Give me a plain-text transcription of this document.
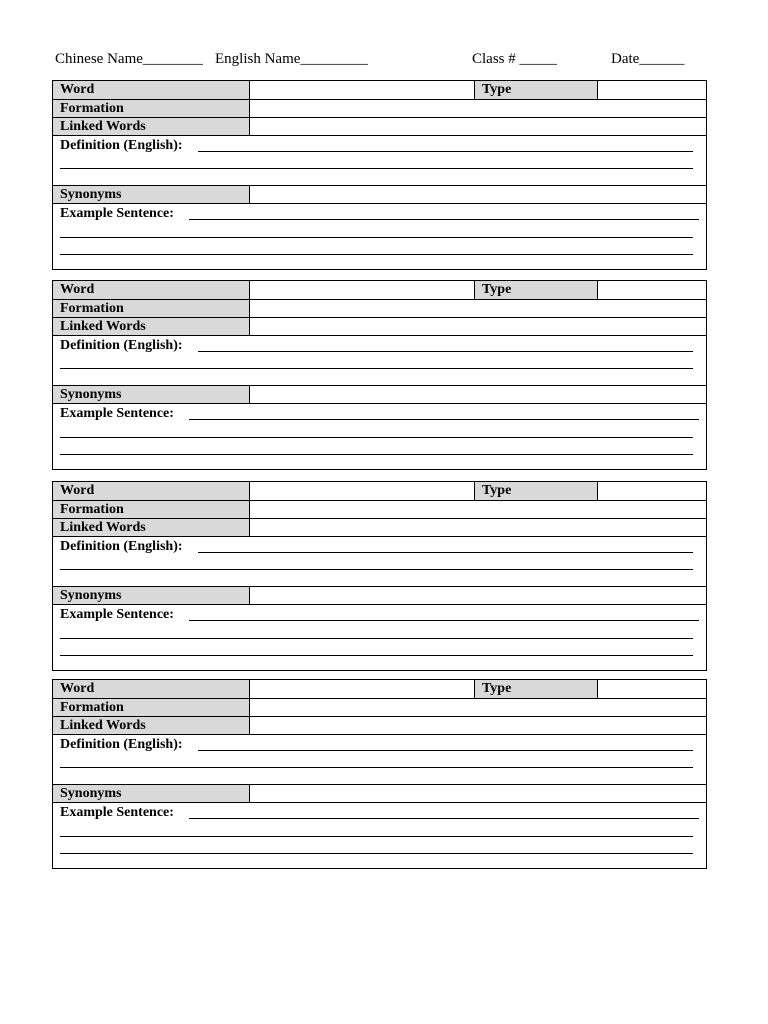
Chinese Name________ English Name_________	Class # _____	Date______
Word	Type
Formation
Linked Words
Definition (English):
Synonyms
Example Sentence:
Word	Type
Formation
Linked Words
Definition (English):
Synonyms
Example Sentence:
Word	Type
Formation
Linked Words
Definition (English):
Synonyms
Example Sentence:
Word	Type
Formation
Linked Words
Definition (English):
Synonyms
Example Sentence:
